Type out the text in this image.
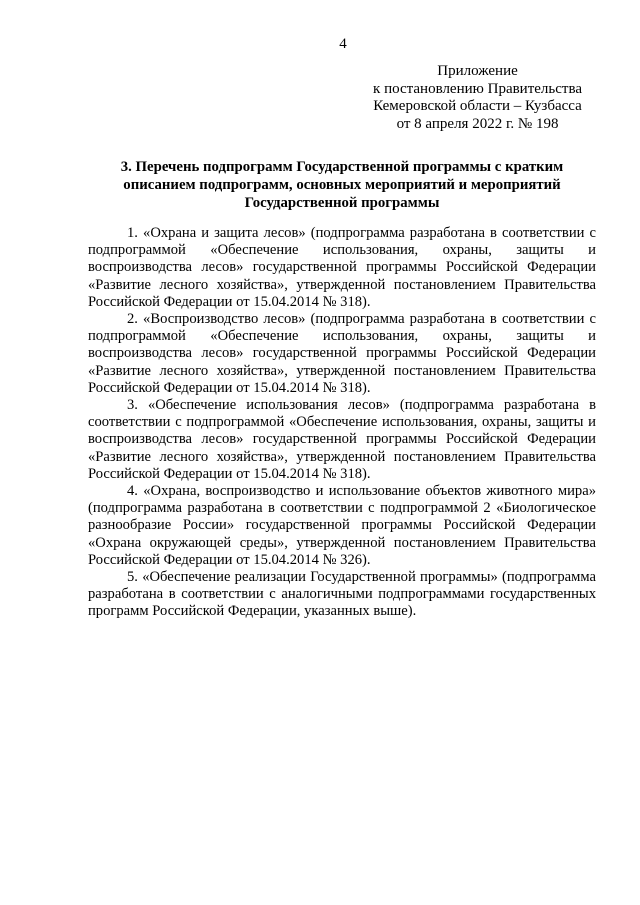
4
Приложение
к постановлению Правительства
Кемеровской области – Кузбасса
от 8 апреля 2022 г. № 198
3. Перечень подпрограмм Государственной программы с кратким описанием подпрограмм, основных мероприятий и мероприятий Государственной программы

1. «Охрана и защита лесов» (подпрограмма разработана в соответствии с подпрограммой «Обеспечение использования, охраны, защиты и воспроизводства лесов» государственной программы Российской Федерации «Развитие лесного хозяйства», утвержденной постановлением Правительства Российской Федерации от 15.04.2014 № 318).

2. «Воспроизводство лесов» (подпрограмма разработана в соответствии с подпрограммой «Обеспечение использования, охраны, защиты и воспроизводства лесов» государственной программы Российской Федерации «Развитие лесного хозяйства», утвержденной постановлением Правительства Российской Федерации от 15.04.2014 № 318).

3. «Обеспечение использования лесов» (подпрограмма разработана в соответствии с подпрограммой «Обеспечение использования, охраны, защиты и воспроизводства лесов» государственной программы Российской Федерации «Развитие лесного хозяйства», утвержденной постановлением Правительства Российской Федерации от 15.04.2014 № 318).

4. «Охрана, воспроизводство и использование объектов животного мира» (подпрограмма разработана в соответствии с подпрограммой 2 «Биологическое разнообразие России» государственной программы Российской Федерации «Охрана окружающей среды», утвержденной постановлением Правительства Российской Федерации от 15.04.2014 № 326).

5. «Обеспечение реализации Государственной программы» (подпрограмма разработана в соответствии с аналогичными подпрограммами государственных программ Российской Федерации, указанных выше).
